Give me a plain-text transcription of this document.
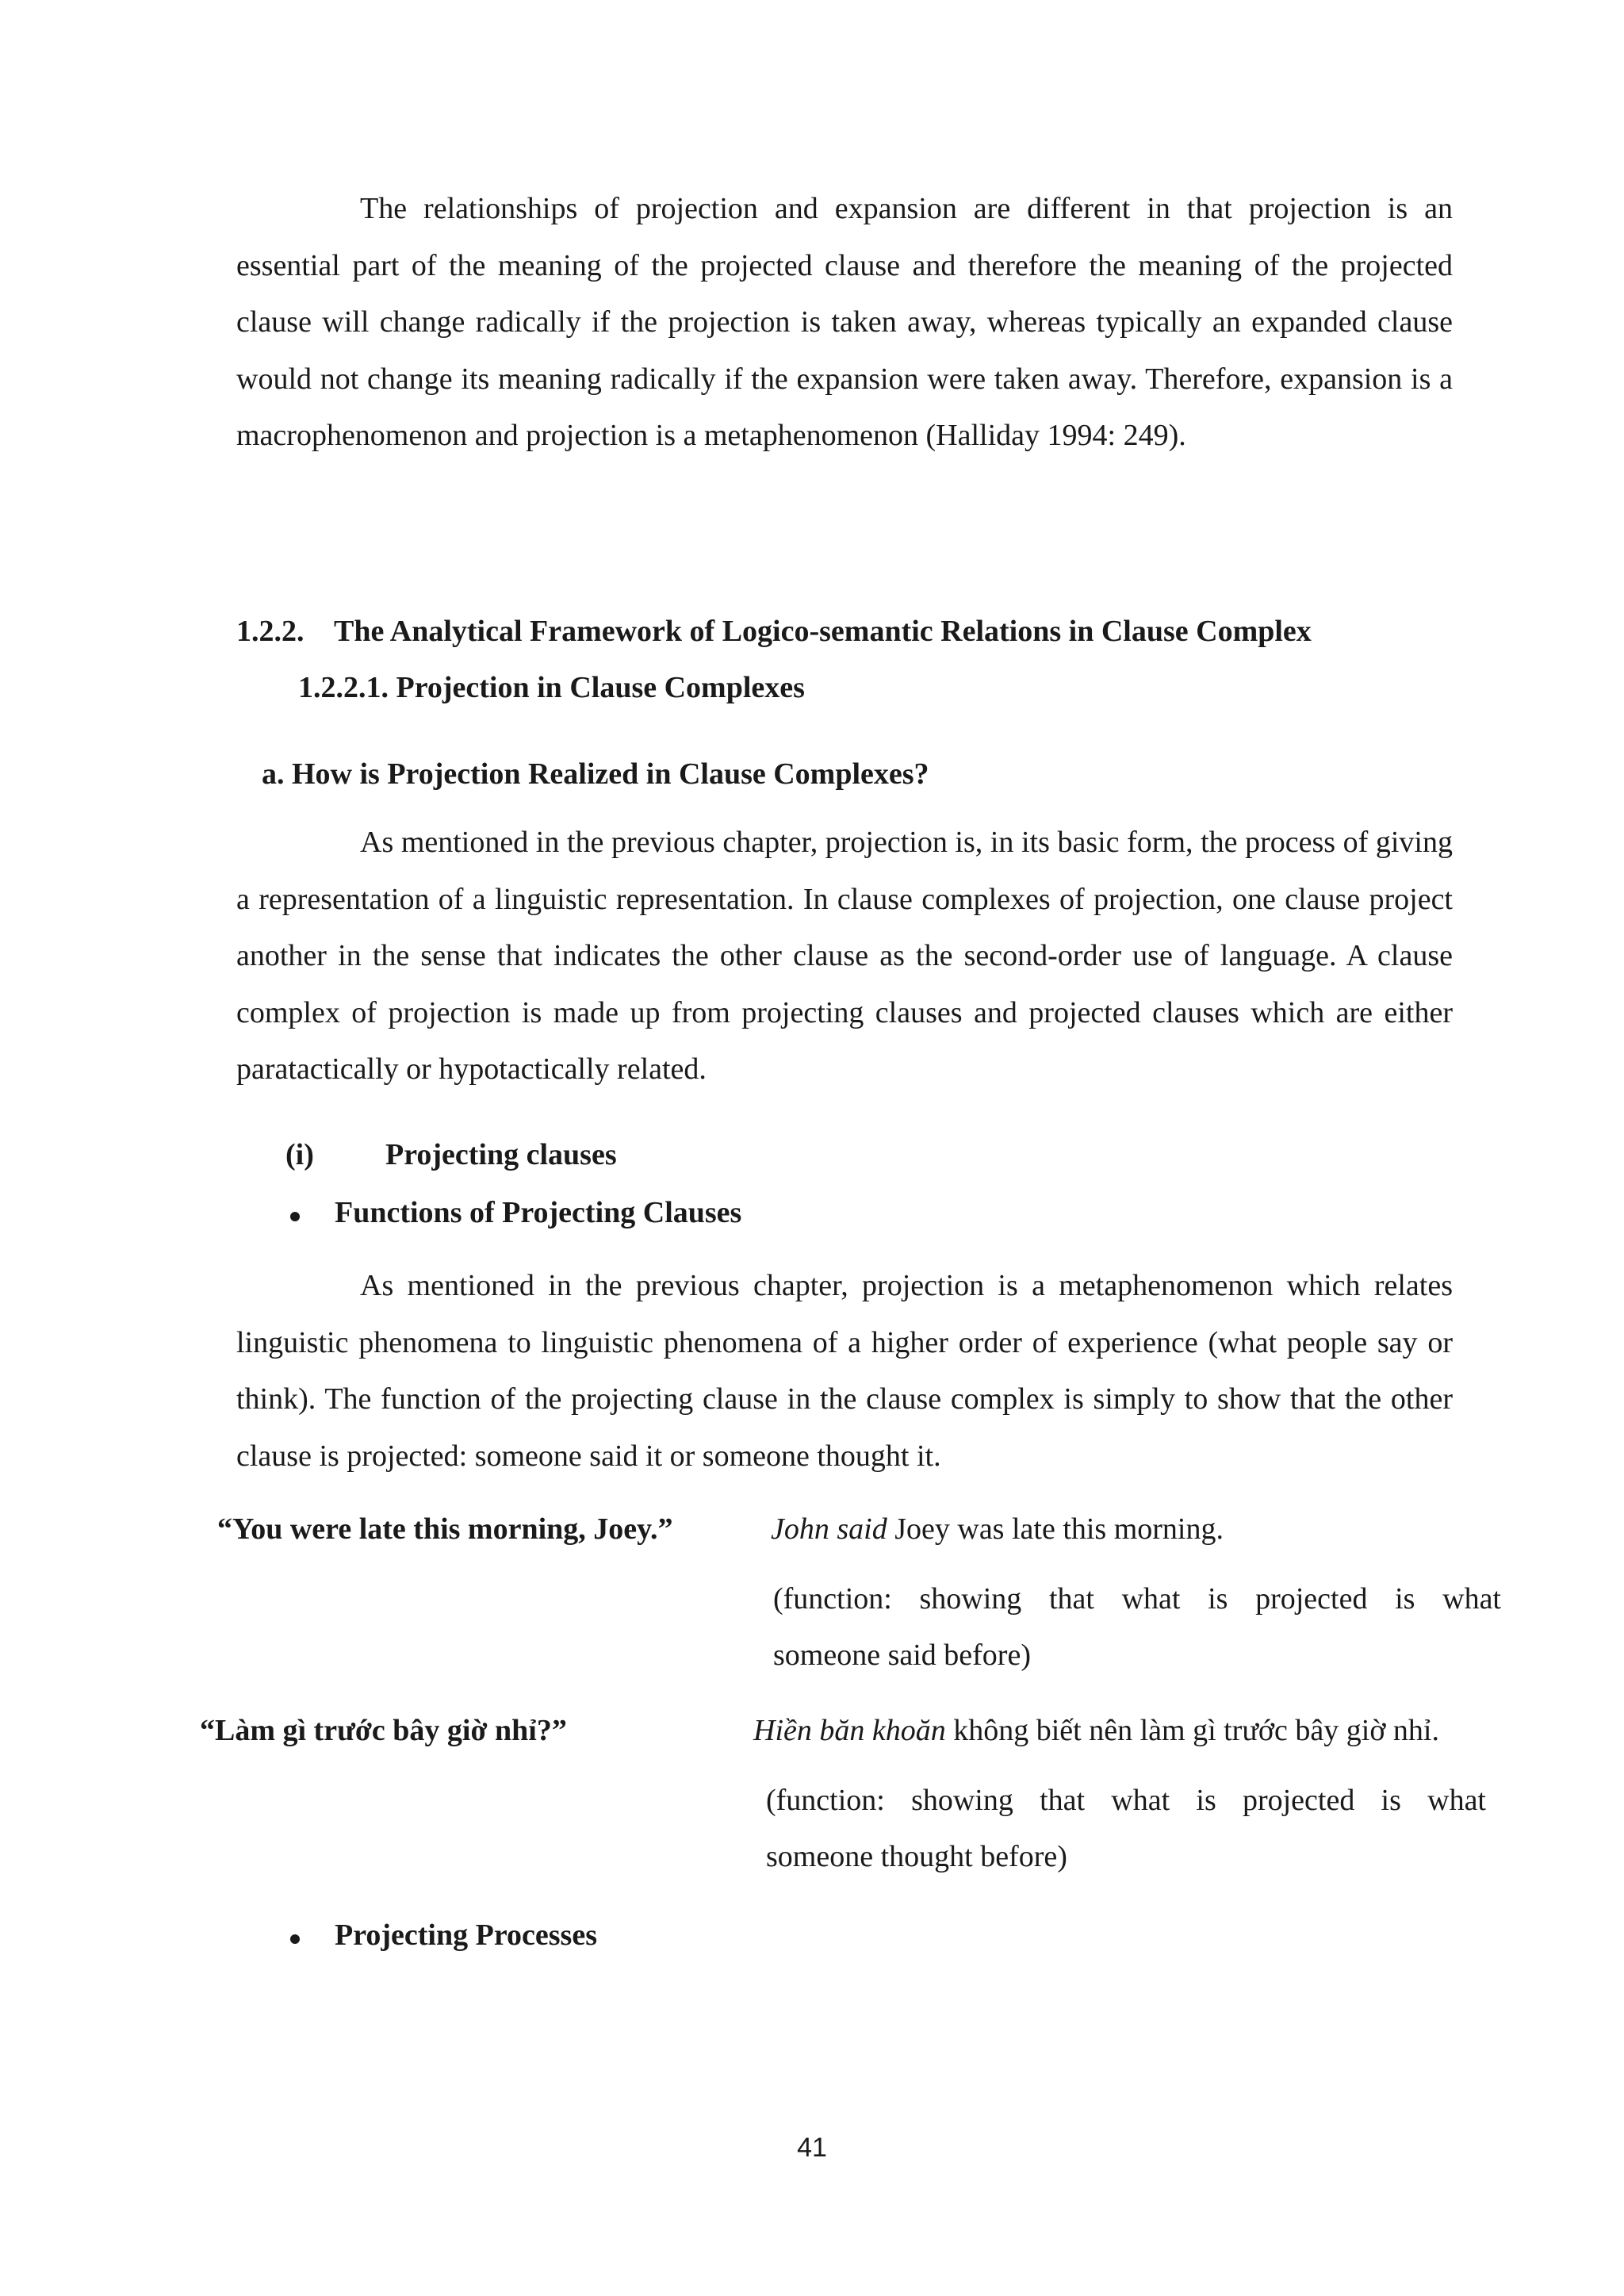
The relationships of projection and expansion are different in that projection is an essential part of the meaning of the projected clause and therefore the meaning of the projected clause will change radically if the projection is taken away, whereas typically an expanded clause would not change its meaning radically if the expansion were taken away. Therefore, expansion is a macrophenomenon and projection is a metaphenomenon (Halliday 1994: 249).

1.2.2. The Analytical Framework of Logico-semantic Relations in Clause Complex

1.2.2.1. Projection in Clause Complexes

a. How is Projection Realized in Clause Complexes?

As mentioned in the previous chapter, projection is, in its basic form, the process of giving a representation of a linguistic representation. In clause complexes of projection, one clause project another in the sense that indicates the other clause as the second-order use of language. A clause complex of projection is made up from projecting clauses and projected clauses which are either paratactically or hypotactically related.

(i) Projecting clauses

Functions of Projecting Clauses

As mentioned in the previous chapter, projection is a metaphenomenon which relates linguistic phenomena to linguistic phenomena of a higher order of experience (what people say or think). The function of the projecting clause in the clause complex is simply to show that the other clause is projected: someone said it or someone thought it.

“You were late this morning, Joey.”	John said Joey was late this morning.

(function: showing that what is projected is what
someone said before)

“Làm gì trước bây giờ nhỉ?”	Hiền băn khoăn không biết nên làm gì trước bây giờ nhỉ.

(function: showing that what is projected is what
someone thought before)

Projecting Processes

41
